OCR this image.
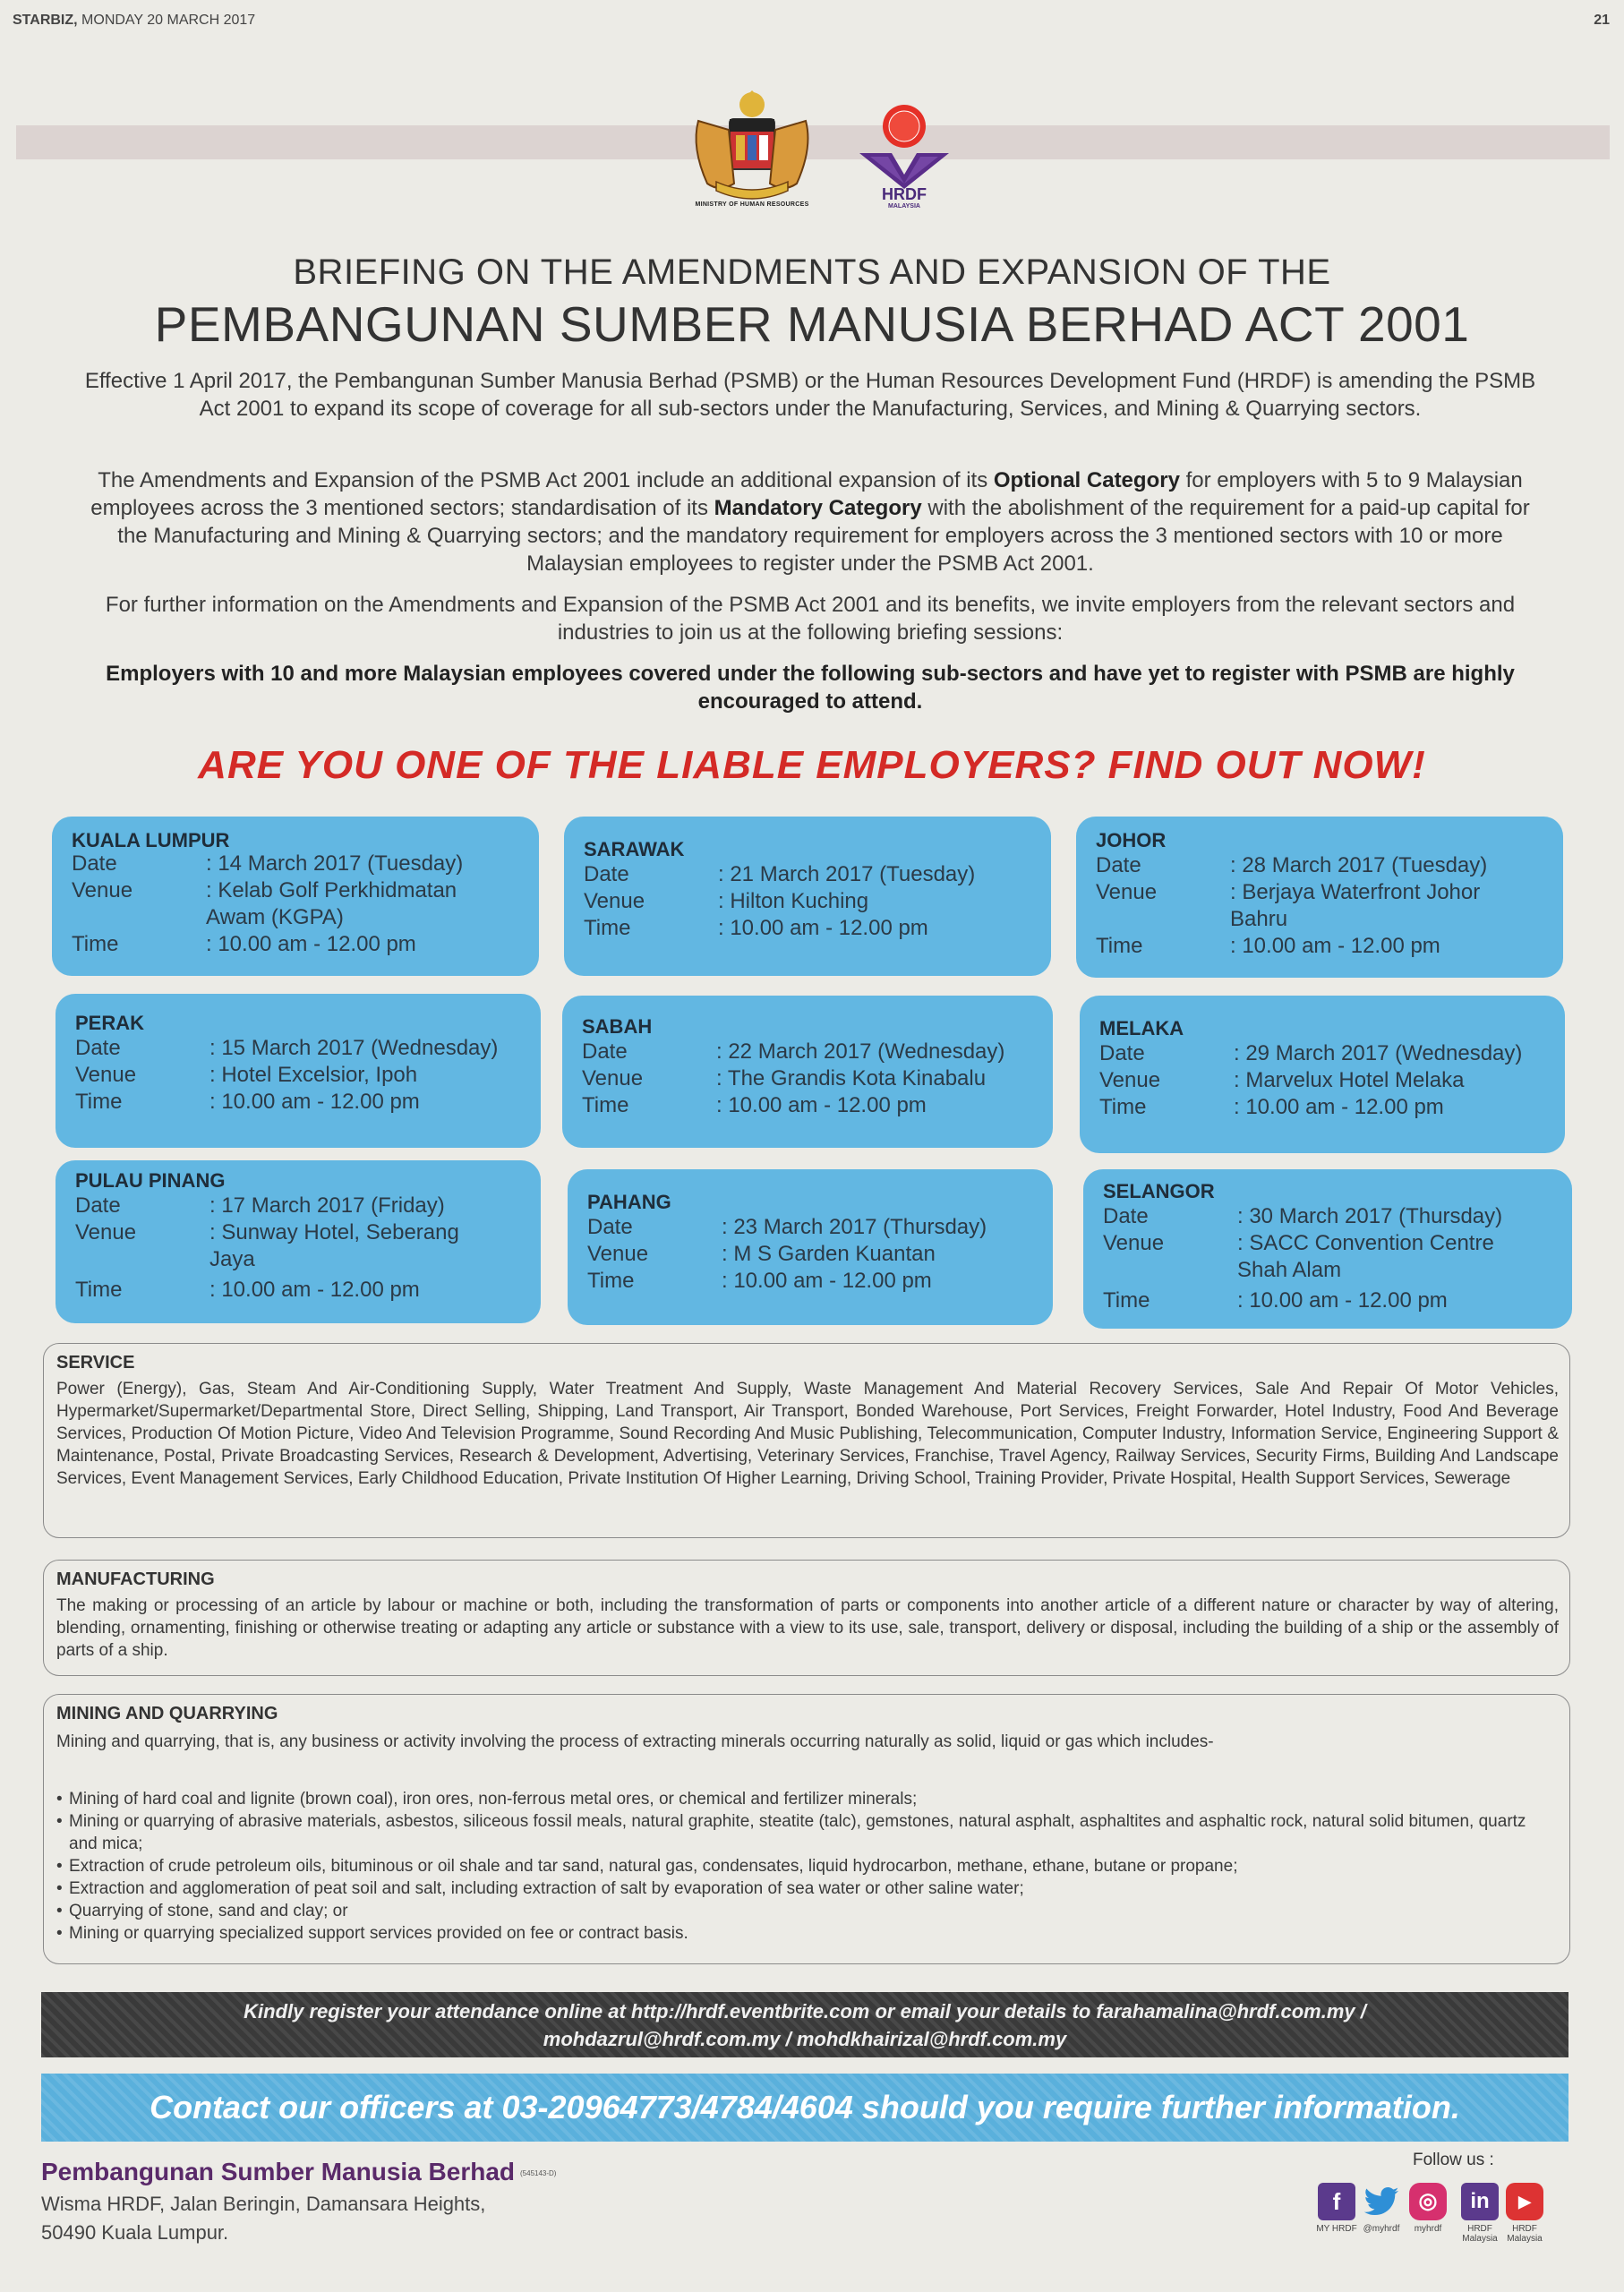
STARBIZ, MONDAY 20 MARCH 2017	21
MINISTRY OF HUMAN RESOURCES
HRDF
MALAYSIA
BRIEFING ON THE AMENDMENTS AND EXPANSION OF THE
PEMBANGUNAN SUMBER MANUSIA BERHAD ACT 2001
Effective 1 April 2017, the Pembangunan Sumber Manusia Berhad (PSMB) or the Human Resources Development Fund (HRDF) is amending the PSMB Act 2001 to expand its scope of coverage for all sub-sectors under the Manufacturing, Services, and Mining & Quarrying sectors.
The Amendments and Expansion of the PSMB Act 2001 include an additional expansion of its Optional Category for employers with 5 to 9 Malaysian employees across the 3 mentioned sectors; standardisation of its Mandatory Category with the abolishment of the requirement for a paid-up capital for the Manufacturing and Mining & Quarrying sectors; and the mandatory requirement for employers across the 3 mentioned sectors with 10 or more Malaysian employees to register under the PSMB Act 2001.
For further information on the Amendments and Expansion of the PSMB Act 2001 and its benefits, we invite employers from the relevant sectors and industries to join us at the following briefing sessions:
Employers with 10 and more Malaysian employees covered under the following sub-sectors and have yet to register with PSMB are highly encouraged to attend.
ARE YOU ONE OF THE LIABLE EMPLOYERS? FIND OUT NOW!
KUALA LUMPUR
Date	: 14 March 2017 (Tuesday)
Venue	: Kelab Golf Perkhidmatan Awam (KGPA)
Time	: 10.00 am - 12.00 pm
SARAWAK
Date	: 21 March 2017 (Tuesday)
Venue	: Hilton Kuching
Time	: 10.00 am - 12.00 pm
JOHOR
Date	: 28 March 2017 (Tuesday)
Venue	: Berjaya Waterfront Johor Bahru
Time	: 10.00 am - 12.00 pm
PERAK
Date	: 15 March 2017 (Wednesday)
Venue	: Hotel Excelsior, Ipoh
Time	: 10.00 am - 12.00 pm
SABAH
Date	: 22 March 2017 (Wednesday)
Venue	: The Grandis Kota Kinabalu
Time	: 10.00 am - 12.00 pm
MELAKA
Date	: 29 March 2017 (Wednesday)
Venue	: Marvelux Hotel Melaka
Time	: 10.00 am - 12.00 pm
PULAU PINANG
Date	: 17 March 2017 (Friday)
Venue	: Sunway Hotel, Seberang Jaya
Time	: 10.00 am - 12.00 pm
PAHANG
Date	: 23 March 2017 (Thursday)
Venue	: M S Garden Kuantan
Time	: 10.00 am - 12.00 pm
SELANGOR
Date	: 30 March 2017 (Thursday)
Venue	: SACC Convention Centre Shah Alam
Time	: 10.00 am - 12.00 pm
SERVICE
Power (Energy), Gas, Steam And Air-Conditioning Supply, Water Treatment And Supply, Waste Management And Material Recovery Services, Sale And Repair Of Motor Vehicles, Hypermarket/Supermarket/Departmental Store, Direct Selling, Shipping, Land Transport, Air Transport, Bonded Warehouse, Port Services, Freight Forwarder, Hotel Industry, Food And Beverage Services, Production Of Motion Picture, Video And Television Programme, Sound Recording And Music Publishing, Telecommunication, Computer Industry, Information Service, Engineering Support & Maintenance, Postal, Private Broadcasting Services, Research & Development, Advertising, Veterinary Services, Franchise, Travel Agency, Railway Services, Security Firms, Building And Landscape Services, Event Management Services, Early Childhood Education, Private Institution Of Higher Learning, Driving School, Training Provider, Private Hospital, Health Support Services, Sewerage
MANUFACTURING
The making or processing of an article by labour or machine or both, including the transformation of parts or components into another article of a different nature or character by way of altering, blending, ornamenting, finishing or otherwise treating or adapting any article or substance with a view to its use, sale, transport, delivery or disposal, including the building of a ship or the assembly of parts of a ship.
MINING AND QUARRYING
Mining and quarrying, that is, any business or activity involving the process of extracting minerals occurring naturally as solid, liquid or gas which includes-
• Mining of hard coal and lignite (brown coal), iron ores, non-ferrous metal ores, or chemical and fertilizer minerals;
• Mining or quarrying of abrasive materials, asbestos, siliceous fossil meals, natural graphite, steatite (talc), gemstones, natural asphalt, asphaltites and asphaltic rock, natural solid bitumen, quartz and mica;
• Extraction of crude petroleum oils, bituminous or oil shale and tar sand, natural gas, condensates, liquid hydrocarbon, methane, ethane, butane or propane;
• Extraction and agglomeration of peat soil and salt, including extraction of salt by evaporation of sea water or other saline water;
• Quarrying of stone, sand and clay; or
• Mining or quarrying specialized support services provided on fee or contract basis.
Kindly register your attendance online at http://hrdf.eventbrite.com or email your details to farahamalina@hrdf.com.my /
mohdazrul@hrdf.com.my / mohdkhairizal@hrdf.com.my
Contact our officers at 03-20964773/4784/4604 should you require further information.
Pembangunan Sumber Manusia Berhad (545143-D)
Wisma HRDF, Jalan Beringin, Damansara Heights,
50490 Kuala Lumpur.
Follow us :
f	◎	in	▶
MY HRDF @myhrdf	myhrdf	HRDF Malaysia
HRDF Malaysia
